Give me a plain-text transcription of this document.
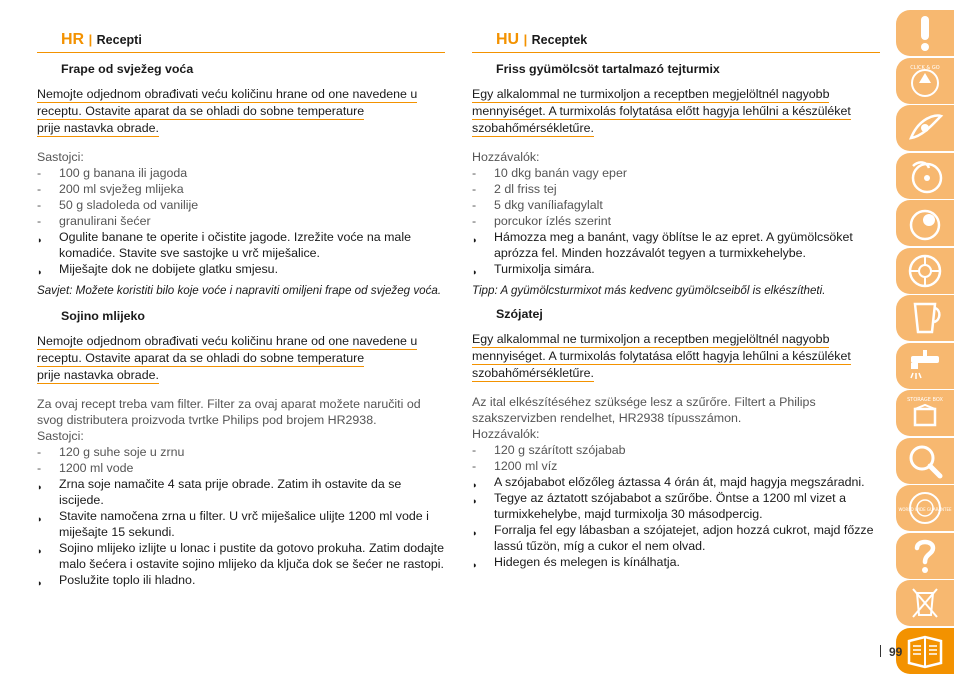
HR | Recepti
Frape od svježeg voća
Nemojte odjednom obrađivati veću količinu hrane od one navedene u
receptu. Ostavite aparat da se ohladi do sobne temperature
prije nastavka obrade.
Sastojci:
- 100 g banana ili jagoda
- 200 ml svježeg mlijeka
- 50 g sladoleda od vanilije
- granulirani šećer
◗ Ogulite banane te operite i očistite jagode. Izrežite voće na male komadiće. Stavite sve sastojke u vrč miješalice.
◗ Miješajte dok ne dobijete glatku smjesu.
Savjet: Možete koristiti bilo koje voće i napraviti omiljeni frape od svježeg voća.
Sojino mlijeko
Nemojte odjednom obrađivati veću količinu hrane od one navedene u
receptu. Ostavite aparat da se ohladi do sobne temperature
prije nastavka obrade.
Za ovaj recept treba vam filter. Filter za ovaj aparat možete naručiti od svog distributera proizvoda tvrtke Philips pod brojem HR2938.
Sastojci:
- 120 g suhe soje u zrnu
- 1200 ml vode
◗ Zrna soje namačite 4 sata prije obrade. Zatim ih ostavite da se iscijede.
◗ Stavite namočena zrna u filter. U vrč miješalice ulijte 1200 ml vode i miješajte 15 sekundi.
◗ Sojino mlijeko izlijte u lonac i pustite da gotovo prokuha. Zatim dodajte malo šećera i ostavite sojino mlijeko da ključa dok se šećer ne rastopi.
◗ Poslužite toplo ili hladno.
HU | Receptek
Friss gyümölcsöt tartalmazó tejturmix
Egy alkalommal ne turmixoljon a receptben megjelöltnél nagyobb
mennyiséget. A turmixolás folytatása előtt hagyja lehűlni a készüléket
szobahőmérsékletűre.
Hozzávalók:
- 10 dkg banán vagy eper
- 2 dl friss tej
- 5 dkg vaníliafagylalt
- porcukor ízlés szerint
◗ Hámozza meg a banánt, vagy öblítse le az epret. A gyümölcsöket aprózza fel. Minden hozzávalót tegyen a turmixkehelybe.
◗ Turmixolja simára.
Tipp: A gyümölcsturmixot más kedvenc gyümölcseiből is elkészítheti.
Szójatej
Egy alkalommal ne turmixoljon a receptben megjelöltnél nagyobb
mennyiséget. A turmixolás folytatása előtt hagyja lehűlni a készüléket
szobahőmérsékletűre.
Az ital elkészítéséhez szüksége lesz a szűrőre. Filtert a Philips szakszervizben rendelhet, HR2938 típusszámon.
Hozzávalók:
- 120 g szárított szójabab
- 1200 ml víz
◗ A szójababot előzőleg áztassa 4 órán át, majd hagyja megszáradni.
◗ Tegye az áztatott szójababot a szűrőbe. Öntse a 1200 ml vizet a turmixkehelybe, majd turmixolja 30 másodpercig.
◗ Forralja fel egy lábasban a szójatejet, adjon hozzá cukrot, majd főzze lassú tűzön, míg a cukor el nem olvad.
◗ Hidegen és melegen is kínálhatja.
CLICK & GO
STORAGE BOX
WORLD WIDE GUARANTEE
99
